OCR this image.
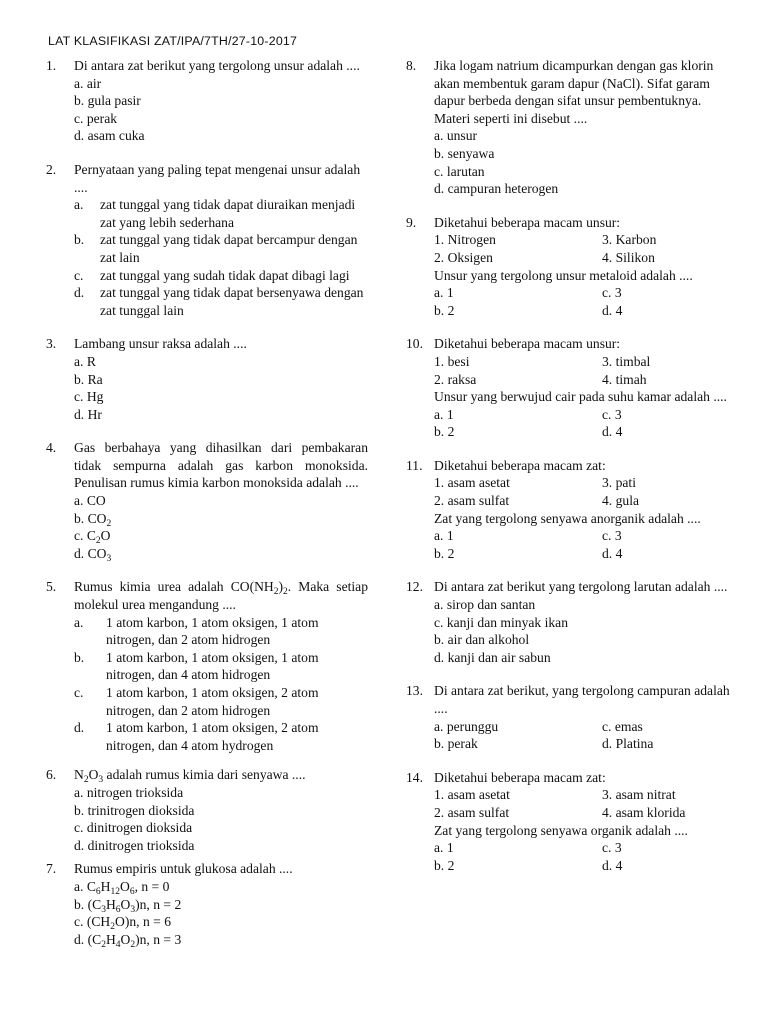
LAT KLASIFIKASI ZAT/IPA/7TH/27-10-2017
1. Di antara zat berikut yang tergolong unsur adalah ....
a. air
b. gula pasir
c. perak
d. asam cuka
2. Pernyataan yang paling tepat mengenai unsur adalah ....
a. zat tunggal yang tidak dapat diuraikan menjadi zat yang lebih sederhana
b. zat tunggal yang tidak dapat bercampur dengan zat lain
c. zat tunggal yang sudah tidak dapat dibagi lagi
d. zat tunggal yang tidak dapat bersenyawa dengan zat tunggal lain
3. Lambang unsur raksa adalah ....
a. R
b. Ra
c. Hg
d. Hr
4. Gas berbahaya yang dihasilkan dari pembakaran tidak sempurna adalah gas karbon monoksida. Penulisan rumus kimia karbon monoksida adalah ....
a. CO
b. $CO_2$
c. $C_2O$
d. $CO_3$
5. Rumus kimia urea adalah $CO(NH_2)_2$. Maka setiap molekul urea mengandung ....
a. 1 atom karbon, 1 atom oksigen, 1 atom nitrogen, dan 2 atom hidrogen
b. 1 atom karbon, 1 atom oksigen, 1 atom nitrogen, dan 4 atom hidrogen
c. 1 atom karbon, 1 atom oksigen, 2 atom nitrogen, dan 2 atom hidrogen
d. 1 atom karbon, 1 atom oksigen, 2 atom nitrogen, dan 4 atom hydrogen
6. $N_2O_3$ adalah rumus kimia dari senyawa ....
a. nitrogen trioksida
b. trinitrogen dioksida
c. dinitrogen dioksida
d. dinitrogen trioksida
7. Rumus empiris untuk glukosa adalah ....
a. $C_6H_{12}O_6$, n = 0
b. $(C_3H_6O_3)n$, n = 2
c. $(CH_2O)n$, n = 6
d. $(C_2H_4O_2)n$, n = 3
8. Jika logam natrium dicampurkan dengan gas klorin akan membentuk garam dapur (NaCl). Sifat garam dapur berbeda dengan sifat unsur pembentuknya. Materi seperti ini disebut ....
a. unsur
b. senyawa
c. larutan
d. campuran heterogen
9. Diketahui beberapa macam unsur:
1. Nitrogen	3. Karbon
2. Oksigen	4. Silikon
Unsur yang tergolong unsur metaloid adalah ....
a. 1	c. 3
b. 2	d. 4
10. Diketahui beberapa macam unsur:
1. besi	3. timbal
2. raksa	4. timah
Unsur yang berwujud cair pada suhu kamar adalah ....
a. 1	c. 3
b. 2	d. 4
11. Diketahui beberapa macam zat:
1. asam asetat	3. pati
2. asam sulfat	4. gula
Zat yang tergolong senyawa anorganik adalah ....
a. 1	c. 3
b. 2	d. 4
12. Di antara zat berikut yang tergolong larutan adalah ....
a. sirop dan santan
c. kanji dan minyak ikan
b. air dan alkohol
d. kanji dan air sabun
13. Di antara zat berikut, yang tergolong campuran adalah ....
a. perunggu	c. emas
b. perak	d. Platina
14. Diketahui beberapa macam zat:
1. asam asetat	3. asam nitrat
2. asam sulfat	4. asam klorida
Zat yang tergolong senyawa organik adalah ....
a. 1	c. 3
b. 2	d. 4
